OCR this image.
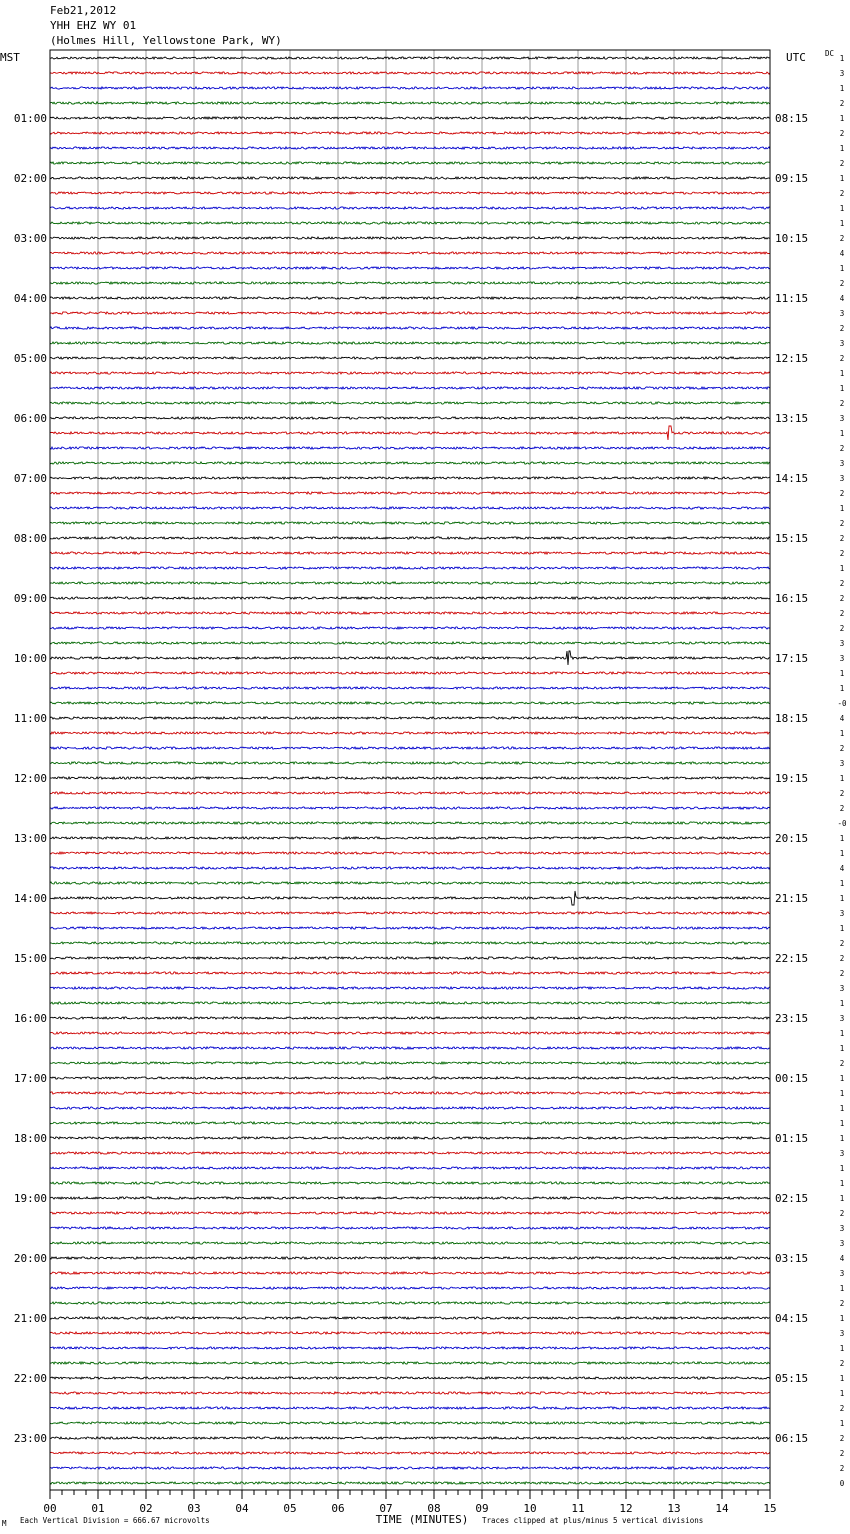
Feb21,2012
YHH EHZ WY 01
(Holmes Hill, Yellowstone Park, WY)
1
3
1
2
1
2
1
2
1
2
1
1
2
4
1
2
4
3
2
3
2
1
1
2
3
1
2
3
3
2
1
2
2
2
1
2
2
2
2
3
3
1
1
-0
4
1
2
3
1
2
2
-0
1
1
4
1
1
3
1
2
2
2
3
1
3
1
1
2
1
1
1
1
1
3
1
1
1
2
3
3
4
3
1
2
1
3
1
2
1
1
2
1
2
2
2
0
MST	UTC	DC
01:00
02:00
03:00
04:00
05:00
06:00
07:00
08:00
09:00
10:00
11:00
12:00
13:00
14:00
15:00
16:00
17:00
18:00
19:00
20:00
21:00
22:00
23:00
08:15
09:15
10:15
11:15
12:15
13:15
14:15
15:15
16:15
17:15
18:15
19:15
20:15
21:15
22:15
23:15
00:15
01:15
02:15
03:15
04:15
05:15
06:15
00	01	02	03	04	05	06	07	08	09	10	11	12	13	14	15
TIME (MINUTES)
Each Vertical Division = 666.67 microvolts	Traces clipped at plus/minus 5 vertical divisions
M
